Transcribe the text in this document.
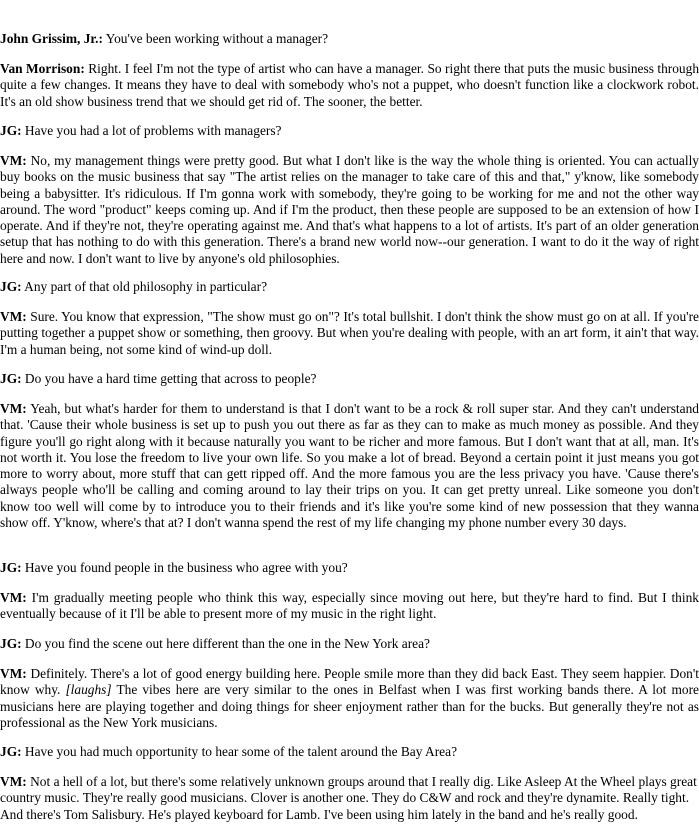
John Grissim, Jr.: You've been working without a manager?

Van Morrison: Right. I feel I'm not the type of artist who can have a manager. So right there that puts the music business through quite a few changes. It means they have to deal with somebody who's not a puppet, who doesn't function like a clockwork robot. It's an old show business trend that we should get rid of. The sooner, the better.

JG: Have you had a lot of problems with managers?

VM: No, my management things were pretty good. But what I don't like is the way the whole thing is oriented. You can actually buy books on the music business that say "The artist relies on the manager to take care of this and that," y'know, like somebody being a babysitter. It's ridiculous. If I'm gonna work with somebody, they're going to be working for me and not the other way around. The word "product" keeps coming up. And if I'm the product, then these people are supposed to be an extension of how I operate. And if they're not, they're operating against me. And that's what happens to a lot of artists. It's part of an older generation setup that has nothing to do with this generation. There's a brand new world now--our generation. I want to do it the way of right here and now. I don't want to live by anyone's old philosophies.

JG: Any part of that old philosophy in particular?

VM: Sure. You know that expression, "The show must go on"? It's total bullshit. I don't think the show must go on at all. If you're putting together a puppet show or something, then groovy. But when you're dealing with people, with an art form, it ain't that way. I'm a human being, not some kind of wind-up doll.

JG: Do you have a hard time getting that across to people?

VM: Yeah, but what's harder for them to understand is that I don't want to be a rock & roll super star. And they can't understand that. 'Cause their whole business is set up to push you out there as far as they can to make as much money as possible. And they figure you'll go right along with it because naturally you want to be richer and more famous. But I don't want that at all, man. It's not worth it. You lose the freedom to live your own life. So you make a lot of bread. Beyond a certain point it just means you got more to worry about, more stuff that can gett ripped off. And the more famous you are the less privacy you have. 'Cause there's always people who'll be calling and coming around to lay their trips on you. It can get pretty unreal. Like someone you don't know too well will come by to introduce you to their friends and it's like you're some kind of new possession that they wanna show off. Y'know, where's that at? I don't wanna spend the rest of my life changing my phone number every 30 days.

JG: Have you found people in the business who agree with you?

VM: I'm gradually meeting people who think this way, especially since moving out here, but they're hard to find. But I think eventually because of it I'll be able to present more of my music in the right light.

JG: Do you find the scene out here different than the one in the New York area?

VM: Definitely. There's a lot of good energy building here. People smile more than they did back East. They seem happier. Don't know why. [laughs] The vibes here are very similar to the ones in Belfast when I was first working bands there. A lot more musicians here are playing together and doing things for sheer enjoyment rather than for the bucks. But generally they're not as professional as the New York musicians.

JG: Have you had much opportunity to hear some of the talent around the Bay Area?

VM: Not a hell of a lot, but there's some relatively unknown groups around that I really dig. Like Asleep At the Wheel plays great country music. They're really good musicians. Clover is another one. They do C&W and rock and they're dynamite. Really tight. And there's Tom Salisbury. He's played keyboard for Lamb. I've been using him lately in the band and he's really good.
